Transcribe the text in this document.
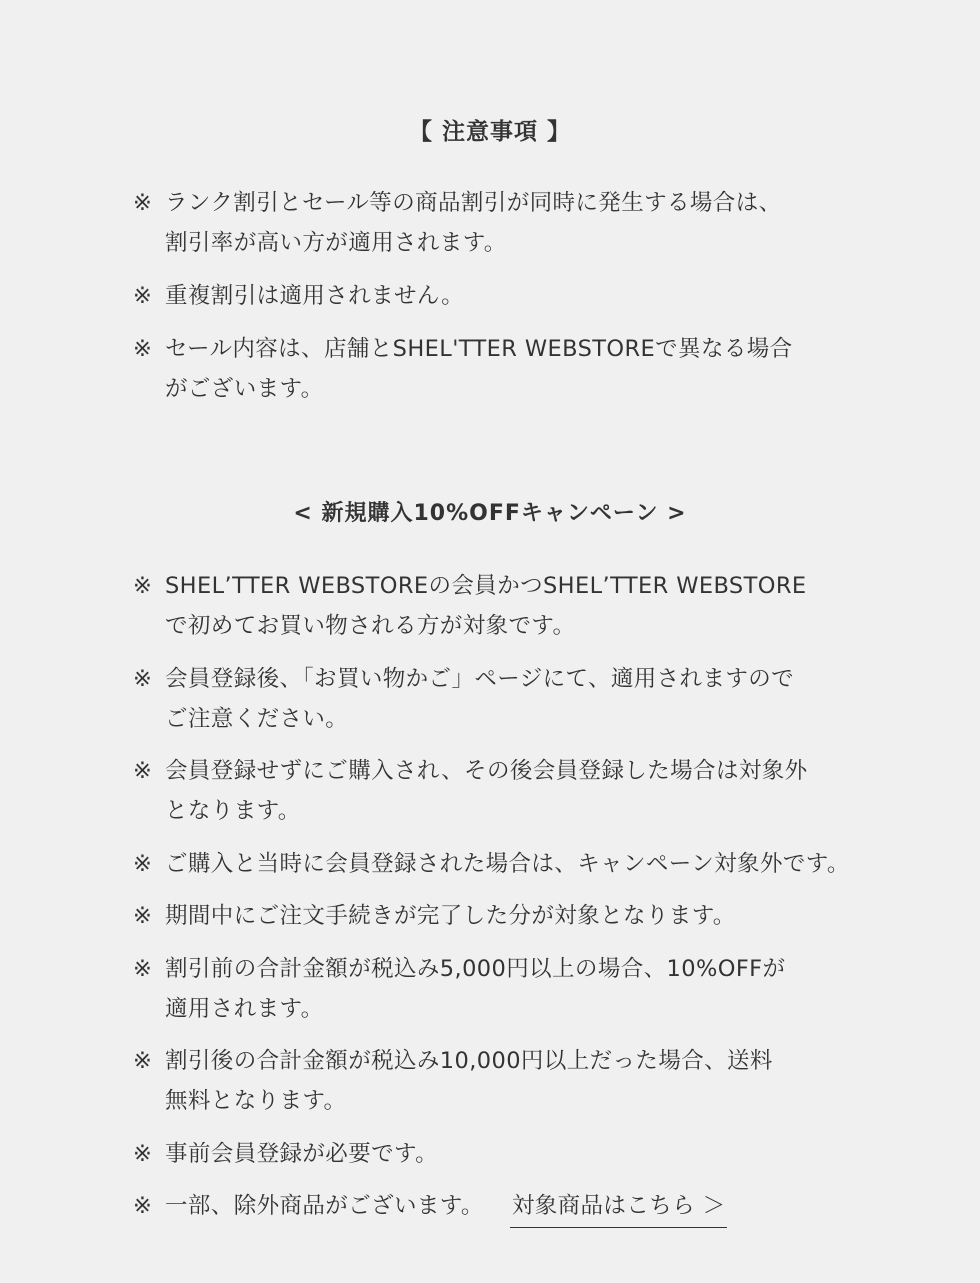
【 注意事項 】
※ ランク割引とセール等の商品割引が同時に発生する場合は、
割引率が高い方が適用されます。
※ 重複割引は適用されません。
※ セール内容は、店舗とSHEL'TTER WEBSTOREで異なる場合
がございます。
< 新規購入10%OFFキャンペーン >
※ SHEL’TTER WEBSTOREの会員かつSHEL’TTER WEBSTORE
で初めてお買い物される方が対象です。
※ 会員登録後、「お買い物かご」ページにて、適用されますので
ご注意ください。
※ 会員登録せずにご購入され、その後会員登録した場合は対象外
となります。
※ ご購入と当時に会員登録された場合は、キャンペーン対象外です。
※ 期間中にご注文手続きが完了した分が対象となります。
※ 割引前の合計金額が税込み5,000円以上の場合、10%OFFが
適用されます。
※ 割引後の合計金額が税込み10,000円以上だった場合、送料
無料となります。
※ 事前会員登録が必要です。
※ 一部、除外商品がございます。 対象商品はこちら ＞
